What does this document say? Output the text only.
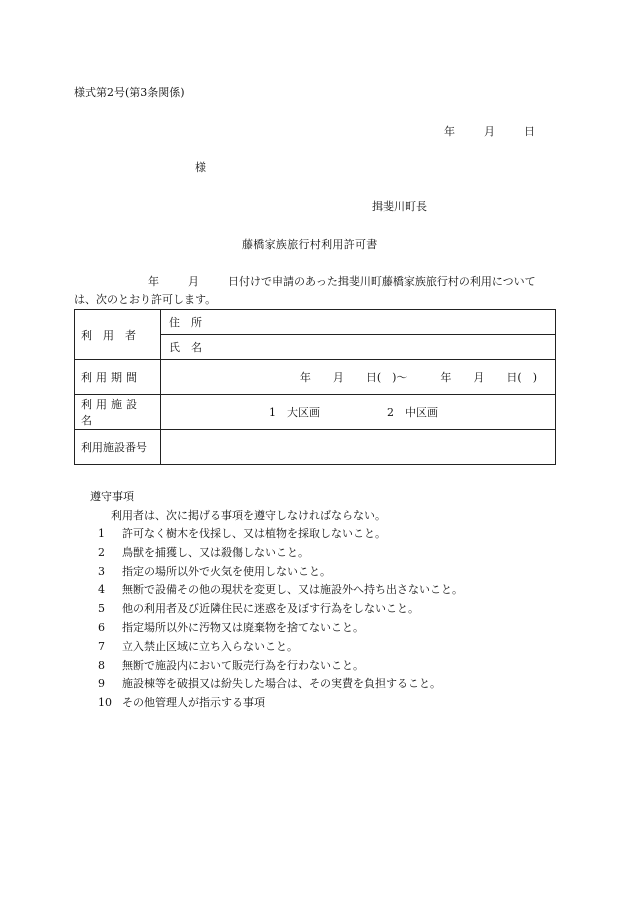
様式第2号(第3条関係)
年	月	日
様
揖斐川町長
藤橋家族旅行村利用許可書
年	月	日付けで申請のあった揖斐川町藤橋家族旅行村の利用について
は、次のとおり許可します。
利　用　者	住　所
	氏　名
利用期間	年　　月　　日(　)～　　　年　　月　　日(　)
利用施設名	1　大区画 2　中区画
利用施設番号	
遵守事項
利用者は、次に掲げる事項を遵守しなければならない。
1 許可なく樹木を伐採し、又は植物を採取しないこと。
2 鳥獣を捕獲し、又は殺傷しないこと。
3 指定の場所以外で火気を使用しないこと。
4 無断で設備その他の現状を変更し、又は施設外へ持ち出さないこと。
5 他の利用者及び近隣住民に迷惑を及ぼす行為をしないこと。
6 指定場所以外に汚物又は廃棄物を捨てないこと。
7 立入禁止区域に立ち入らないこと。
8 無断で施設内において販売行為を行わないこと。
9 施設棟等を破損又は紛失した場合は、その実費を負担すること。
10 その他管理人が指示する事項
